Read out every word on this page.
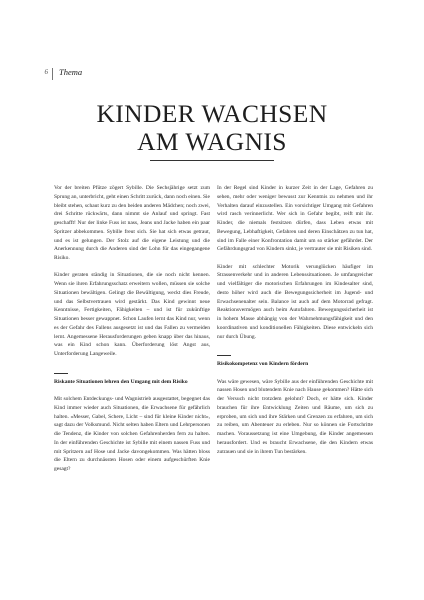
6 Thema
KINDER WACHSEN
AM WAGNIS

Vor der breiten Pfütze zögert Sybille. Die Sechsjährige setzt zum Sprung an, unterbricht, geht einen Schritt zurück, dann noch einen. Sie bleibt stehen, schaut kurz zu den beiden anderen Mädchen; noch zwei, drei Schritte rückwärts, dann nimmt sie Anlauf und springt. Fast geschafft! Nur der linke Fuss ist nass, Jeans und Jacke haben ein paar Spritzer abbekommen. Sybille freut sich. Sie hat sich etwas getraut, und es ist gelungen. Der Stolz auf die eigene Leistung und die Anerkennung durch die Anderen sind der Lohn für das eingegangene Risiko.

Kinder geraten ständig in Situationen, die sie noch nicht kennen. Wenn sie ihren Erfahrungsschatz erweitern wollen, müssen sie solche Situationen bewältigen. Gelingt die Bewältigung, weckt dies Freude, und das Selbstvertrauen wird gestärkt. Das Kind gewinnt neue Kenntnisse, Fertigkeiten, Fähigkeiten – und ist für zukünftige Situationen besser gewappnet. Schon Laufen lernt das Kind nur, wenn es der Gefahr des Fallens ausgesetzt ist und das Fallen zu vermeiden lernt. Angemessene Herausforderungen geben knapp über das hinaus, was ein Kind schon kann. Überforderung löst Angst aus, Unterforderung Langeweile.

Riskante Situationen lehren den Umgang mit dem Risiko

Mit solchem Entdeckungs- und Wagnistrieb ausgestattet, begegnet das Kind immer wieder auch Situationen, die Erwachsene für gefährlich halten. «Messer, Gabel, Schere, Licht – sind für kleine Kinder nicht», sagt dazu der Volksmund. Nicht selten haben Eltern und Lehrpersonen die Tendenz, die Kinder von solchen Gefahrenherden fern zu halten. In der einführenden Geschichte ist Sybille mit einem nassen Fuss und mit Spritzern auf Hose und Jacke davongekommen. Was hätten bloss die Eltern zu durchnässten Hosen oder einem aufgeschürften Knie gesagt?

In der Regel sind Kinder in kurzer Zeit in der Lage, Gefahren zu sehen, mehr oder weniger bewusst zur Kenntnis zu nehmen und ihr Verhalten darauf einzustellen. Ein vorsichtiger Umgang mit Gefahren wird rasch verinnerlicht. Wer sich in Gefahr begibt, reift mit ihr. Kinder, die niemals festsitzen dürfen, dass Leben etwas mit Bewegung, Lebhaftigkeit, Gefahren und deren Einschätzen zu tun hat, sind im Falle einer Konfrontation damit um so stärker gefährdet. Der Gefährdungsgrad von Kindern sinkt, je vertrauter sie mit Risiken sind.

Kinder mit schlechter Motorik verunglücken häufiger im Strassenverkehr und in anderen Lebenssituationen. Je umfangreicher und vielfältiger die motorischen Erfahrungen im Kindesalter sind, desto höher wird auch die Bewegungssicherheit im Jugend- und Erwachsenenalter sein. Balance ist auch auf dem Motorrad gefragt. Reaktionsvermögen auch beim Autofahren. Bewegungssicherheit ist in hohem Masse abhängig von der Wahrnehmungsfähigkeit und den koordinativen und konditionellen Fähigkeiten. Diese entwickeln sich nur durch Übung.

Risikokompetenz von Kindern fördern

Was wäre gewesen, wäre Sybille aus der einführenden Geschichte mit nassen Hosen und blutendem Knie nach Hause gekommen? Hätte sich der Versuch nicht trotzdem gelohnt? Doch, er hätte sich. Kinder brauchen für ihre Entwicklung Zeiten und Räume, um sich zu erproben, um sich und ihre Stärken und Grenzen zu erfahren, um sich zu reiben, um Abenteuer zu erleben. Nur so können sie Fortschritte machen. Voraussetzung ist eine Umgebung, die Kinder angemessen herausfordert. Und es braucht Erwachsene, die den Kindern etwas zutrauen und sie in ihrem Tun bestärken.
